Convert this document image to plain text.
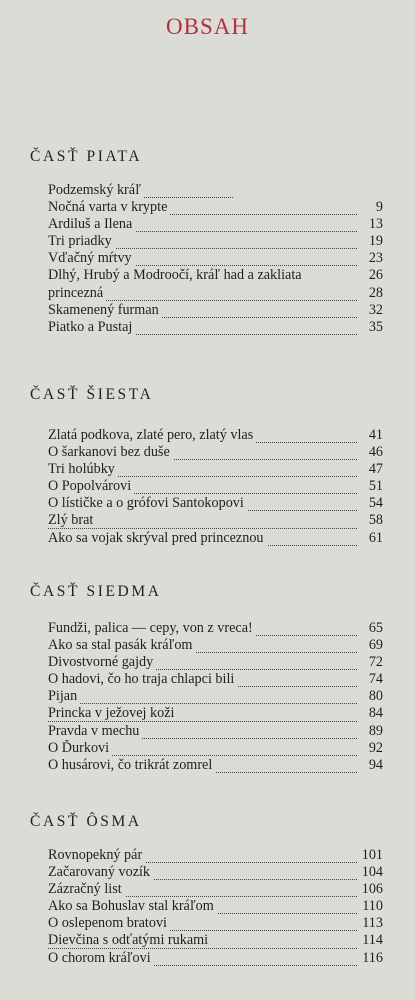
OBSAH
ČASŤ PIATA
Podzemský kráľ
Nočná varta v krypte	9
Ardiluš a Ilena	13
Tri priadky	19
Vďačný mŕtvy	23
Dlhý, Hrubý a Modroočí, kráľ had a zakliata	26
princezná	28
Skamenený furman	32
Piatko a Pustaj	35
ČASŤ ŠIESTA
Zlatá podkova, zlaté pero, zlatý vlas	41
O šarkanovi bez duše	46
Tri holúbky	47
O Popolvárovi	51
O lístičke a o grófovi Santokopovi	54
Zlý brat	58
Ako sa vojak skrýval pred princeznou	61
ČASŤ SIEDMA
Fundži, palica — cepy, von z vreca!	65
Ako sa stal pasák kráľom	69
Divostvorné gajdy	72
O hadovi, čo ho traja chlapci bili	74
Pijan	80
Princka v ježovej koži	84
Pravda v mechu	89
O Ďurkovi	92
O husárovi, čo trikrát zomrel	94
ČASŤ ÔSMA
Rovnopekný pár	101
Začarovaný vozík	104
Zázračný list	106
Ako sa Bohuslav stal kráľom	110
O oslepenom bratovi	113
Dievčina s odťatými rukami	114
O chorom kráľovi	116
